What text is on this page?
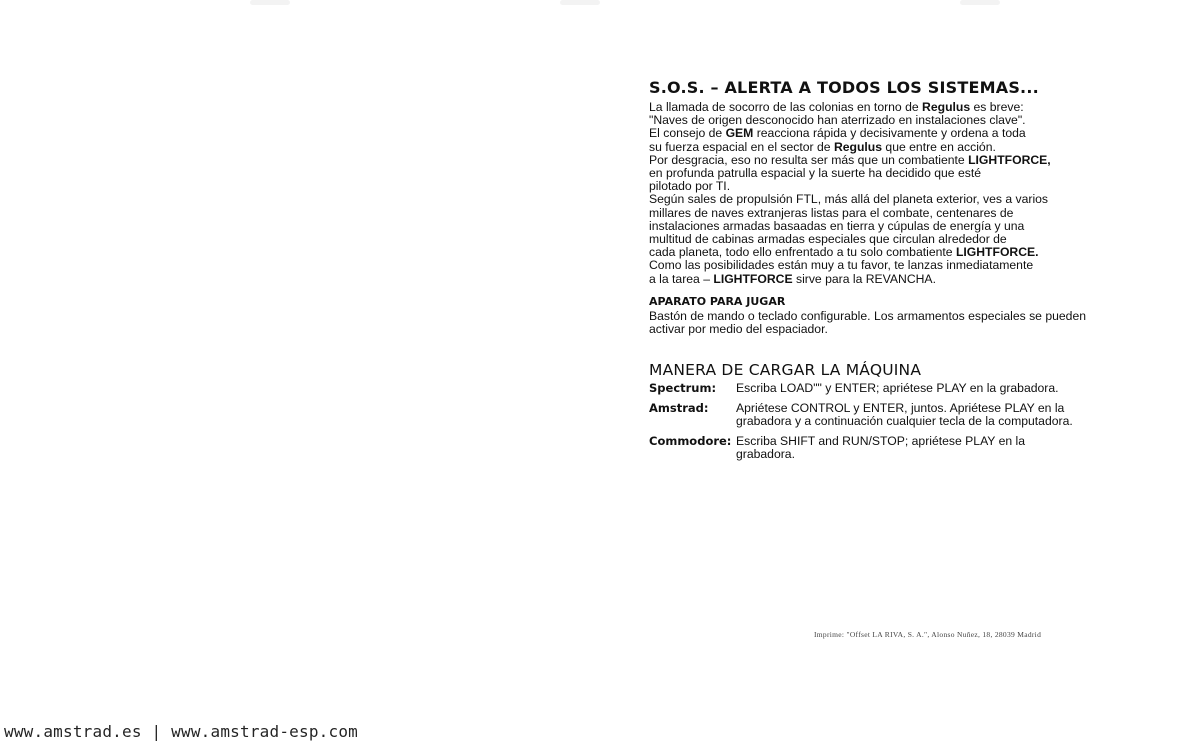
S.O.S. – ALERTA A TODOS LOS SISTEMAS...

La llamada de socorro de las colonias en torno de Regulus es breve:

"Naves de origen desconocido han aterrizado en instalaciones clave".

El consejo de GEM reacciona rápida y decisivamente y ordena a toda

su fuerza espacial en el sector de Regulus que entre en acción.

Por desgracia, eso no resulta ser más que un combatiente LIGHTFORCE,

en profunda patrulla espacial y la suerte ha decidido que esté

pilotado por TI.

Según sales de propulsión FTL, más allá del planeta exterior, ves a varios

millares de naves extranjeras listas para el combate, centenares de

instalaciones armadas basaadas en tierra y cúpulas de energía y una

multitud de cabinas armadas especiales que circulan alrededor de

cada planeta, todo ello enfrentado a tu solo combatiente LIGHTFORCE.

Como las posibilidades están muy a tu favor, te lanzas inmediatamente

a la tarea – LIGHTFORCE sirve para la REVANCHA.

APARATO PARA JUGAR
Bastón de mando o teclado configurable. Los armamentos especiales se pueden activar por medio del espaciador.
MANERA DE CARGAR LA MÁQUINA
Spectrum:	Escriba LOAD"" y ENTER; apriétese PLAY en la grabadora.
Amstrad:	Apriétese CONTROL y ENTER, juntos. Apriétese PLAY en la grabadora y a continuación cualquier tecla de la computadora.
Commodore: Escriba SHIFT and RUN/STOP; apriétese PLAY en la grabadora.
Imprime: "Offset LA RIVA, S. A.", Alonso Nuñez, 18, 28039 Madrid
www.amstrad.es | www.amstrad-esp.com
